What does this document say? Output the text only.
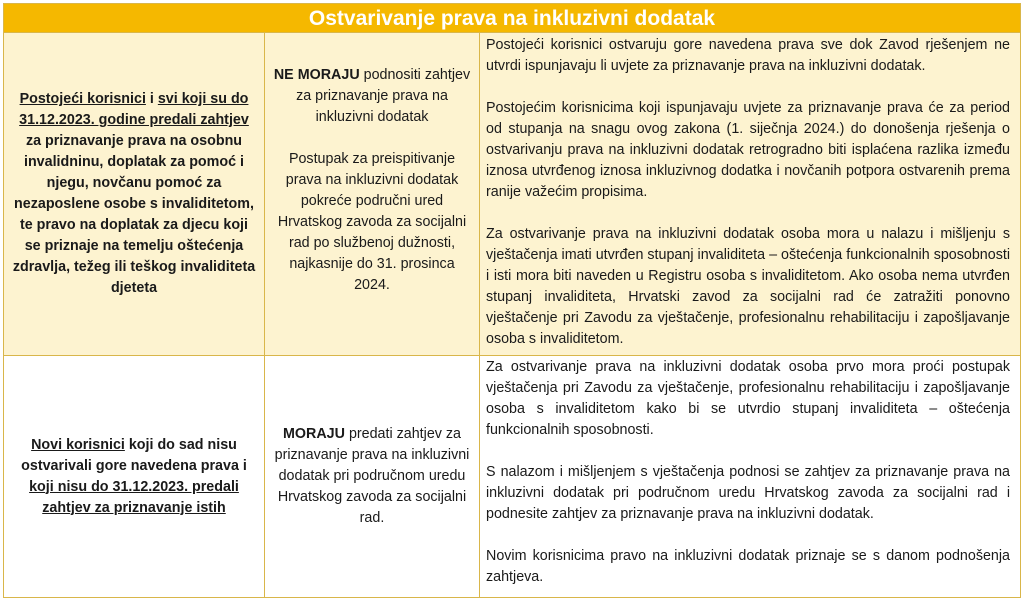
Ostvarivanje prava na inkluzivni dodatak
Postojeći korisnici i svi koji su do 31.12.2023. godine predali zahtjev za priznavanje prava na osobnu invalidninu, doplatak za pomoć i njegu, novčanu pomoć za nezaposlene osobe s invaliditetom, te pravo na doplatak za djecu koji se priznaje na temelju oštećenja zdravlja, težeg ili teškog invaliditeta djeteta

NE MORAJU podnositi zahtjev za priznavanje prava na inkluzivni dodatak

Postupak za preispitivanje prava na inkluzivni dodatak pokreće područni ured Hrvatskog zavoda za socijalni rad po službenoj dužnosti, najkasnije do 31. prosinca 2024.

Postojeći korisnici ostvaruju gore navedena prava sve dok Zavod rješenjem ne utvrdi ispunjavaju li uvjete za priznavanje prava na inkluzivni dodatak.

Postojećim korisnicima koji ispunjavaju uvjete za priznavanje prava će za period od stupanja na snagu ovog zakona (1. siječnja 2024.) do donošenja rješenja o ostvarivanju prava na inkluzivni dodatak retrogradno biti isplaćena razlika između iznosa utvrđenog iznosa inkluzivnog dodatka i novčanih potpora ostvarenih prema ranije važećim propisima.

Za ostvarivanje prava na inkluzivni dodatak osoba mora u nalazu i mišljenju s vještačenja imati utvrđen stupanj invaliditeta – oštećenja funkcionalnih sposobnosti i isti mora biti naveden u Registru osoba s invaliditetom. Ako osoba nema utvrđen stupanj invaliditeta, Hrvatski zavod za socijalni rad će zatražiti ponovno vještačenje pri Zavodu za vještačenje, profesionalnu rehabilitaciju i zapošljavanje osoba s invaliditetom.

Novi korisnici koji do sad nisu ostvarivali gore navedena prava i koji nisu do 31.12.2023. predali zahtjev za priznavanje istih

MORAJU predati zahtjev za priznavanje prava na inkluzivni dodatak pri područnom uredu Hrvatskog zavoda za socijalni rad.

Za ostvarivanje prava na inkluzivni dodatak osoba prvo mora proći postupak vještačenja pri Zavodu za vještačenje, profesionalnu rehabilitaciju i zapošljavanje osoba s invaliditetom kako bi se utvrdio stupanj invaliditeta – oštećenja funkcionalnih sposobnosti.

S nalazom i mišljenjem s vještačenja podnosi se zahtjev za priznavanje prava na inkluzivni dodatak pri područnom uredu Hrvatskog zavoda za socijalni rad i podnesite zahtjev za priznavanje prava na inkluzivni dodatak.

Novim korisnicima pravo na inkluzivni dodatak priznaje se s danom podnošenja zahtjeva.
